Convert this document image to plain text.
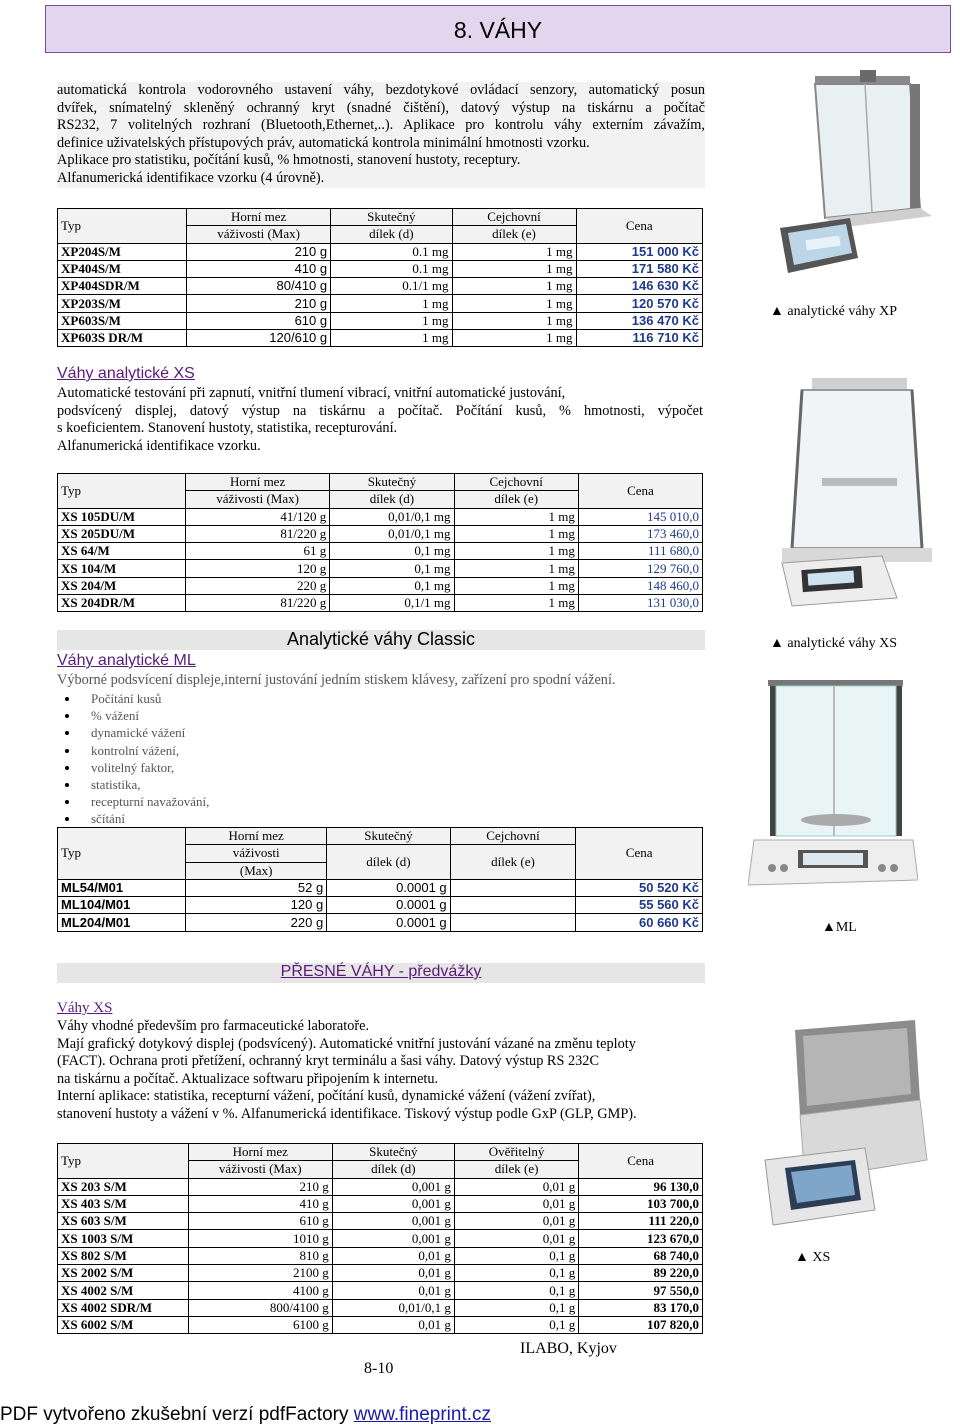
8. VÁHY
automatická kontrola vodorovného ustavení váhy, bezdotykové ovládací senzory, automatický posun
dvířek, snímatelný skleněný ochranný kryt (snadné čištění), datový výstup na tiskárnu a počítač
RS232, 7 volitelných rozhraní (Bluetooth,Ethernet,..). Aplikace pro kontrolu váhy externím závažím,
definice uživatelských přístupových práv, automatická kontrola minimální hmotnosti vzorku.
Aplikace pro statistiku, počítání kusů, % hmotnosti, stanovení hustoty, receptury.
Alfanumerická identifikace vzorku (4 úrovně).
Typ	Horní mez	Skutečný	Cejchovní	Cena
	váživosti (Max)	dílek (d)	dílek (e)	
XP204S/M	210 g	0.1 mg	1 mg	151 000 Kč
XP404S/M	410 g	0.1 mg	1 mg	171 580 Kč
XP404SDR/M	80/410 g	0.1/1 mg	1 mg	146 630 Kč
XP203S/M	210 g	1 mg	1 mg	120 570 Kč
XP603S/M	610 g	1 mg	1 mg	136 470 Kč
XP603S DR/M	120/610 g	1 mg	1 mg	116 710 Kč
▲ analytické váhy XP
Váhy analytické XS
Automatické testování při zapnutí, vnitřní tlumení vibrací, vnitřní automatické justování,
podsvícený displej, datový výstup na tiskárnu a počítač. Počítání kusů, % hmotnosti, výpočet
s koeficientem. Stanovení hustoty, statistika, recepturování.
Alfanumerická identifikace vzorku.
Typ	Horní mez	Skutečný	Cejchovní	Cena
	váživosti (Max)	dílek (d)	dílek (e)	
XS 105DU/M	41/120 g	0,01/0,1 mg	1 mg	145 010,0
XS 205DU/M	81/220 g	0,01/0,1 mg	1 mg	173 460,0
XS 64/M	61 g	0,1 mg	1 mg	111 680,0
XS 104/M	120 g	0,1 mg	1 mg	129 760,0
XS 204/M	220 g	0,1 mg	1 mg	148 460,0
XS 204DR/M	81/220 g	0,1/1 mg	1 mg	131 030,0
Analytické váhy Classic	▲ analytické váhy XS
Váhy analytické ML
Výborné podsvícení displeje,interní justování jedním stiskem klávesy, zařízení pro spodní vážení.
Počítání kusů
% vážení
dynamické vážení
kontrolní vážení,
volitelný faktor,
statistika,
recepturní navažování,
sčítání
Typ	Horní mez	Skutečný	Cejchovní	Cena
	váživosti	dílek (d)	dílek (e)	
	(Max)			
ML54/M01	52 g	0.0001 g		50 520 Kč
ML104/M01	120 g	0.0001 g		55 560 Kč
ML204/M01	220 g	0.0001 g		60 660 Kč	▲ML
PŘESNÉ VÁHY - předvážky
Váhy XS
Váhy vhodné především pro farmaceutické laboratoře.
Mají grafický dotykový displej (podsvícený). Automatické vnitřní justování vázané na změnu teploty
(FACT). Ochrana proti přetížení, ochranný kryt terminálu a šasi váhy. Datový výstup RS 232C
na tiskárnu a počítač. Aktualizace softwaru připojením k internetu.
Interní aplikace: statistika, recepturní vážení, počítání kusů, dynamické vážení (vážení zvířat),
stanovení hustoty a vážení v %. Alfanumerická identifikace. Tiskový výstup podle GxP (GLP, GMP).
Typ	Horní mez	Skutečný	Ověřitelný	Cena
	váživosti (Max)	dílek (d)	dílek (e)	
XS 203 S/M	210 g	0,001 g	0,01 g	96 130,0
XS 403 S/M	410 g	0,001 g	0,01 g	103 700,0
XS 603 S/M	610 g	0,001 g	0,01 g	111 220,0
XS 1003 S/M	1010 g	0,001 g	0,01 g	123 670,0
XS 802 S/M	810 g	0,01 g	0,1 g	68 740,0
XS 2002 S/M	2100 g	0,01 g	0,1 g	89 220,0
XS 4002 S/M	4100 g	0,01 g	0,1 g	97 550,0
XS 4002 SDR/M	800/4100 g	0,01/0,1 g	0,1 g	83 170,0
XS 6002 S/M	6100 g	0,01 g	0,1 g	107 820,0
▲ XS
8-10
ILABO, Kyjov
PDF vytvořeno zkušební verzí pdfFactory www.fineprint.cz
